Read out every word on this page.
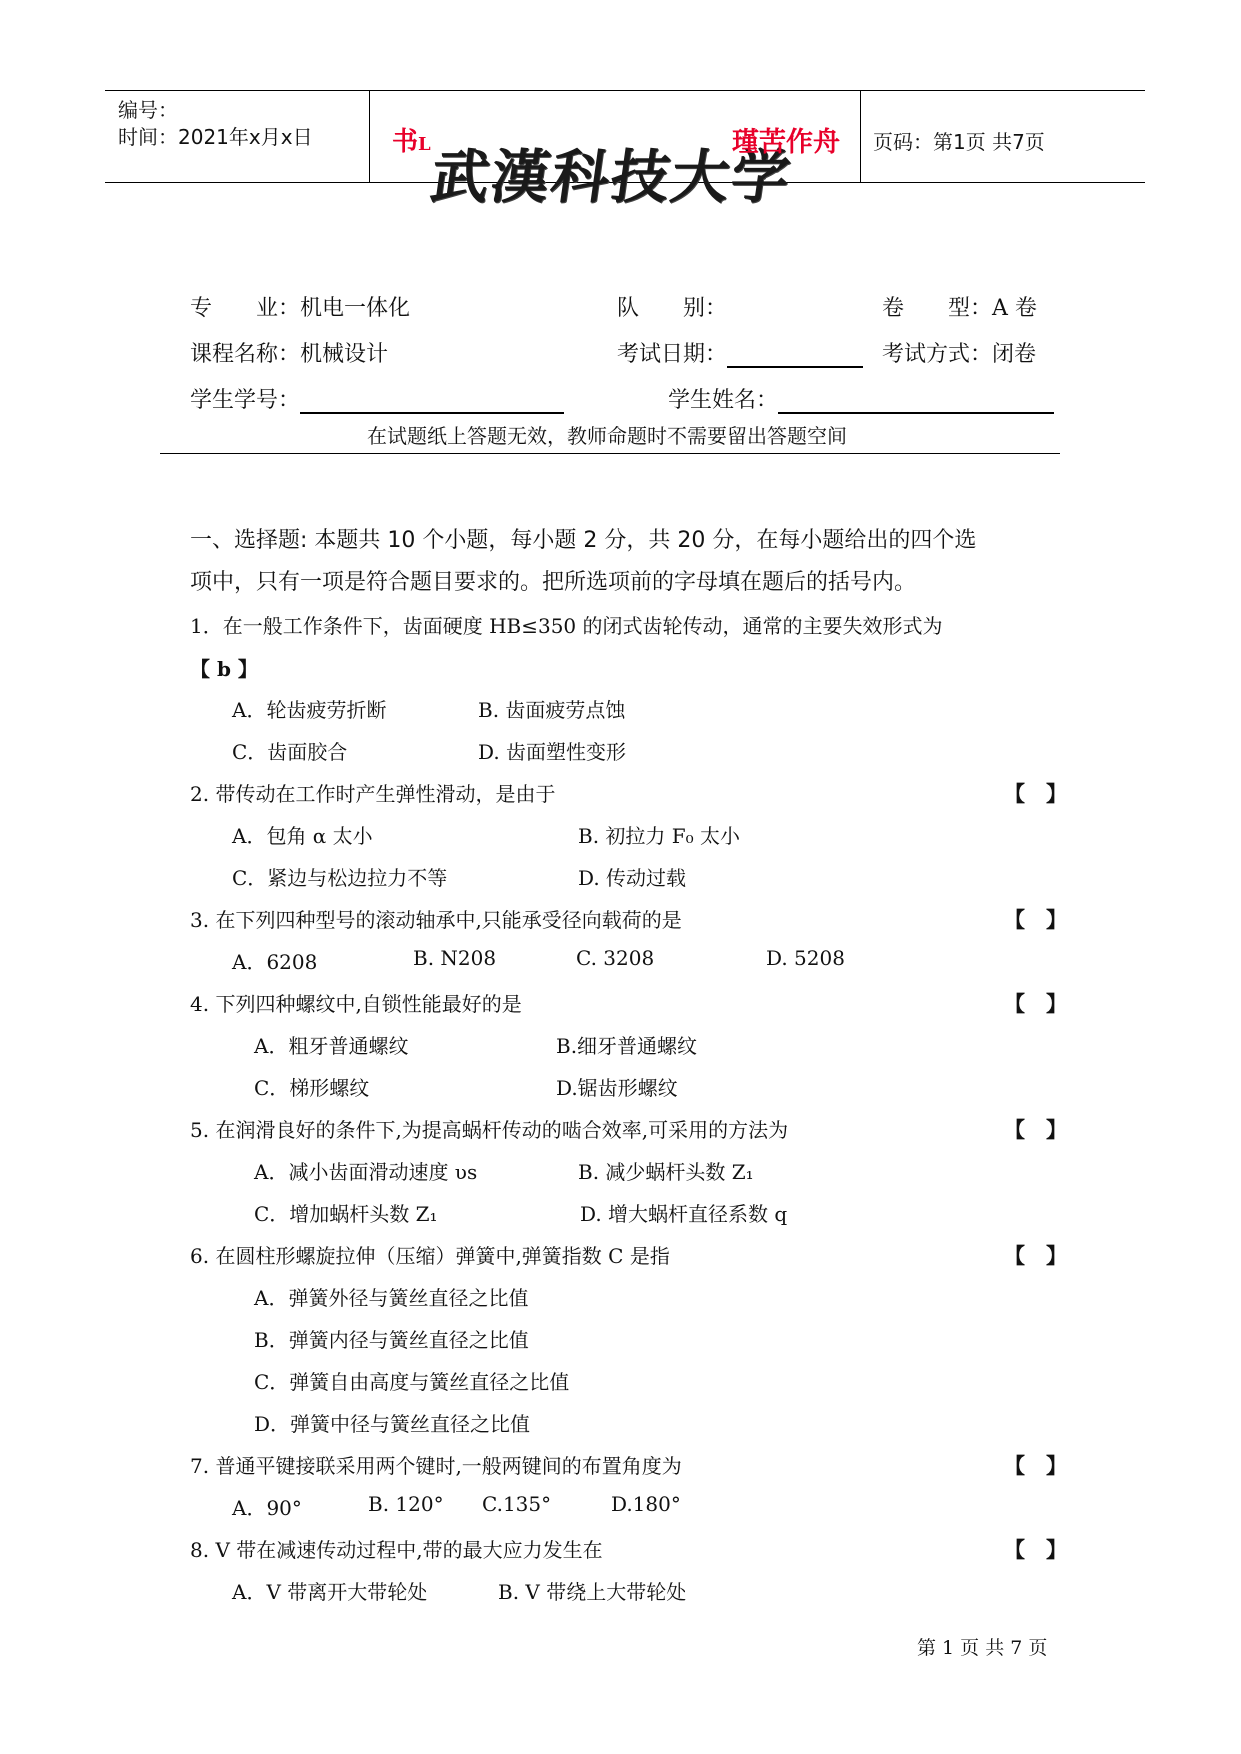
编号：
时间：2021年x月x日	书L
武漢科技大学
瑾苦作舟 页码：第1页 共7页
专　　业：机电一体化	队　　别：	卷　　型：A 卷
课程名称：机械设计	考试日期：	考试方式：闭卷
学生学号：	学生姓名：
在试题纸上答题无效，教师命题时不需要留出答题空间
一、选择题: 本题共 10 个小题，每小题 2 分，共 20 分，在每小题给出的四个选
项中，只有一项是符合题目要求的。把所选项前的字母填在题后的括号内。
1．在一般工作条件下，齿面硬度 HB≤350 的闭式齿轮传动，通常的主要失效形式为
【 b 】
A．轮齿疲劳折断	B. 齿面疲劳点蚀
C．齿面胶合	D. 齿面塑性变形
2. 带传动在工作时产生弹性滑动，是由于	【　】
A．包角 α 太小	B. 初拉力 F₀ 太小
C．紧边与松边拉力不等	D. 传动过载
3. 在下列四种型号的滚动轴承中,只能承受径向载荷的是	【　】
A．6208	B. N208	C. 3208	D. 5208
4. 下列四种螺纹中,自锁性能最好的是	【　】
A．粗牙普通螺纹	B.细牙普通螺纹
C．梯形螺纹	D.锯齿形螺纹
5. 在润滑良好的条件下,为提高蜗杆传动的啮合效率,可采用的方法为	【　】
A．减小齿面滑动速度 υs	B. 减少蜗杆头数 Z₁
C．增加蜗杆头数 Z₁	D. 增大蜗杆直径系数 q
6. 在圆柱形螺旋拉伸（压缩）弹簧中,弹簧指数 C 是指	【　】
A．弹簧外径与簧丝直径之比值
B．弹簧内径与簧丝直径之比值
C．弹簧自由高度与簧丝直径之比值
D．弹簧中径与簧丝直径之比值
7. 普通平键接联采用两个键时,一般两键间的布置角度为	【　】
A．90°	B. 120° C.135°	D.180°
8. V 带在减速传动过程中,带的最大应力发生在	【　】
A．V 带离开大带轮处	B. V 带绕上大带轮处
第 1 页 共 7 页
